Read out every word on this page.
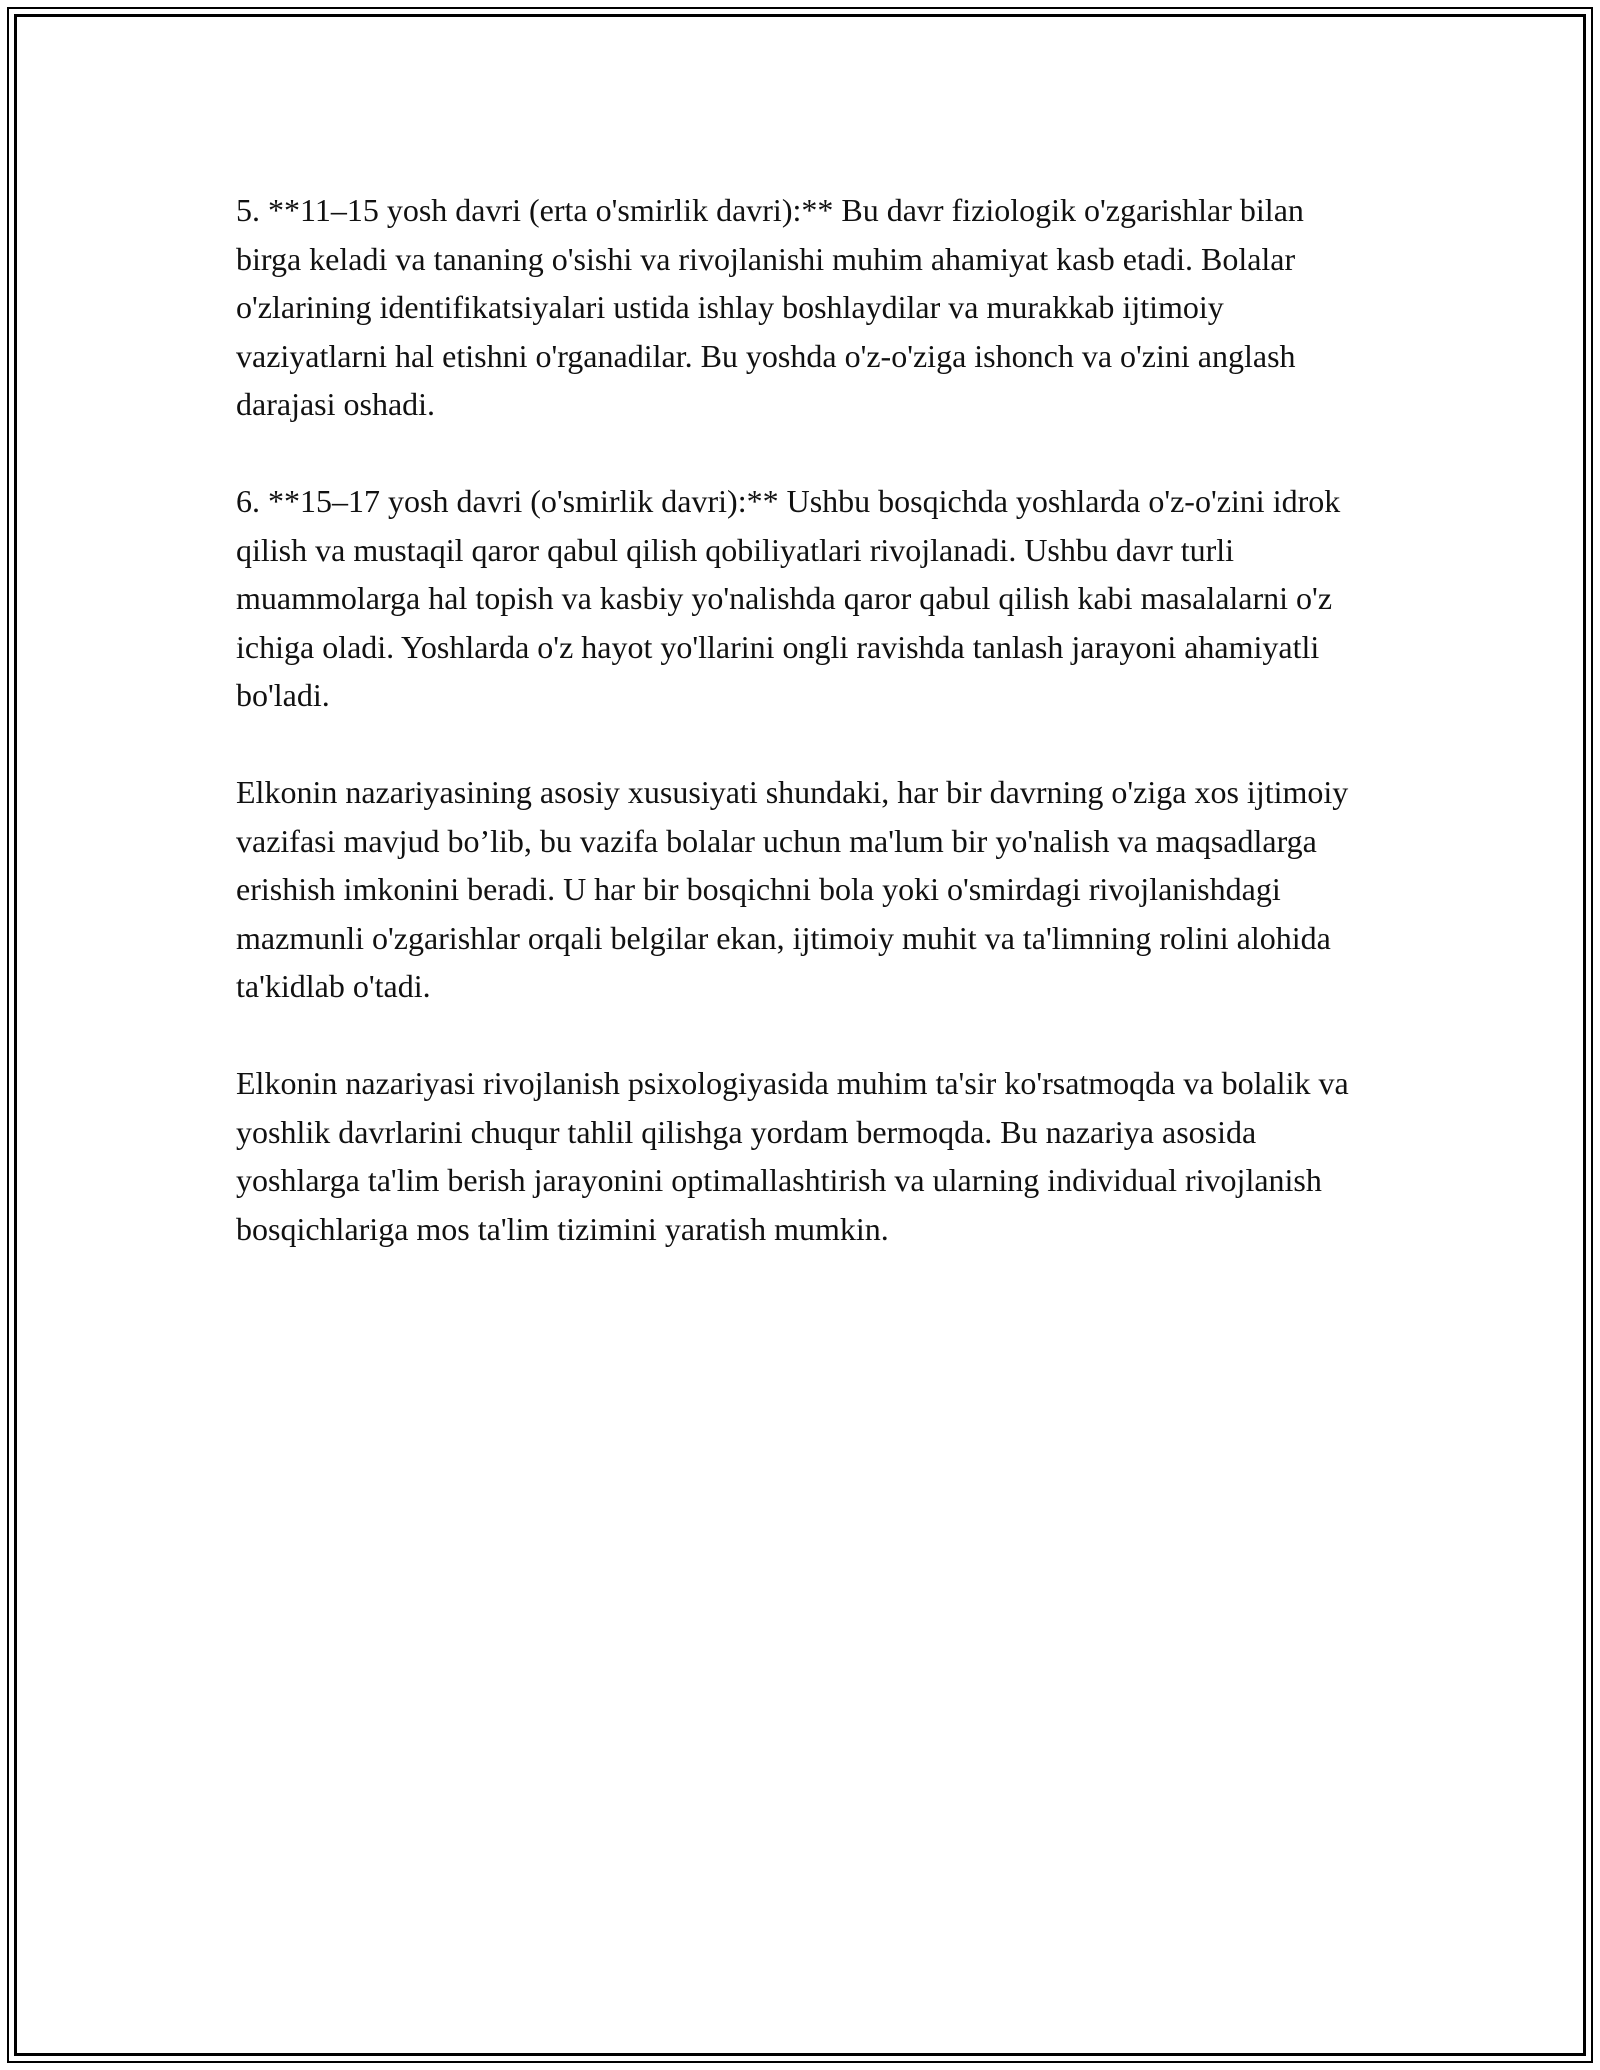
5. **11–15 yosh davri (erta o'smirlik davri):** Bu davr fiziologik o'zgarishlar bilan birga keladi va tananing o'sishi va rivojlanishi muhim ahamiyat kasb etadi. Bolalar o'zlarining identifikatsiyalari ustida ishlay boshlaydilar va murakkab ijtimoiy vaziyatlarni hal etishni o'rganadilar. Bu yoshda o'z-o'ziga ishonch va o'zini anglash darajasi oshadi.

6. **15–17 yosh davri (o'smirlik davri):** Ushbu bosqichda yoshlarda o'z-o'zini idrok qilish va mustaqil qaror qabul qilish qobiliyatlari rivojlanadi. Ushbu davr turli muammolarga hal topish va kasbiy yo'nalishda qaror qabul qilish kabi masalalarni o'z ichiga oladi. Yoshlarda o'z hayot yo'llarini ongli ravishda tanlash jarayoni ahamiyatli bo'ladi.

Elkonin nazariyasining asosiy xususiyati shundaki, har bir davrning o'ziga xos ijtimoiy vazifasi mavjud bo’lib, bu vazifa bolalar uchun ma'lum bir yo'nalish va maqsadlarga erishish imkonini beradi. U har bir bosqichni bola yoki o'smirdagi rivojlanishdagi mazmunli o'zgarishlar orqali belgilar ekan, ijtimoiy muhit va ta'limning rolini alohida ta'kidlab o'tadi.

Elkonin nazariyasi rivojlanish psixologiyasida muhim ta'sir ko'rsatmoqda va bolalik va yoshlik davrlarini chuqur tahlil qilishga yordam bermoqda. Bu nazariya asosida yoshlarga ta'lim berish jarayonini optimallashtirish va ularning individual rivojlanish bosqichlariga mos ta'lim tizimini yaratish mumkin.
